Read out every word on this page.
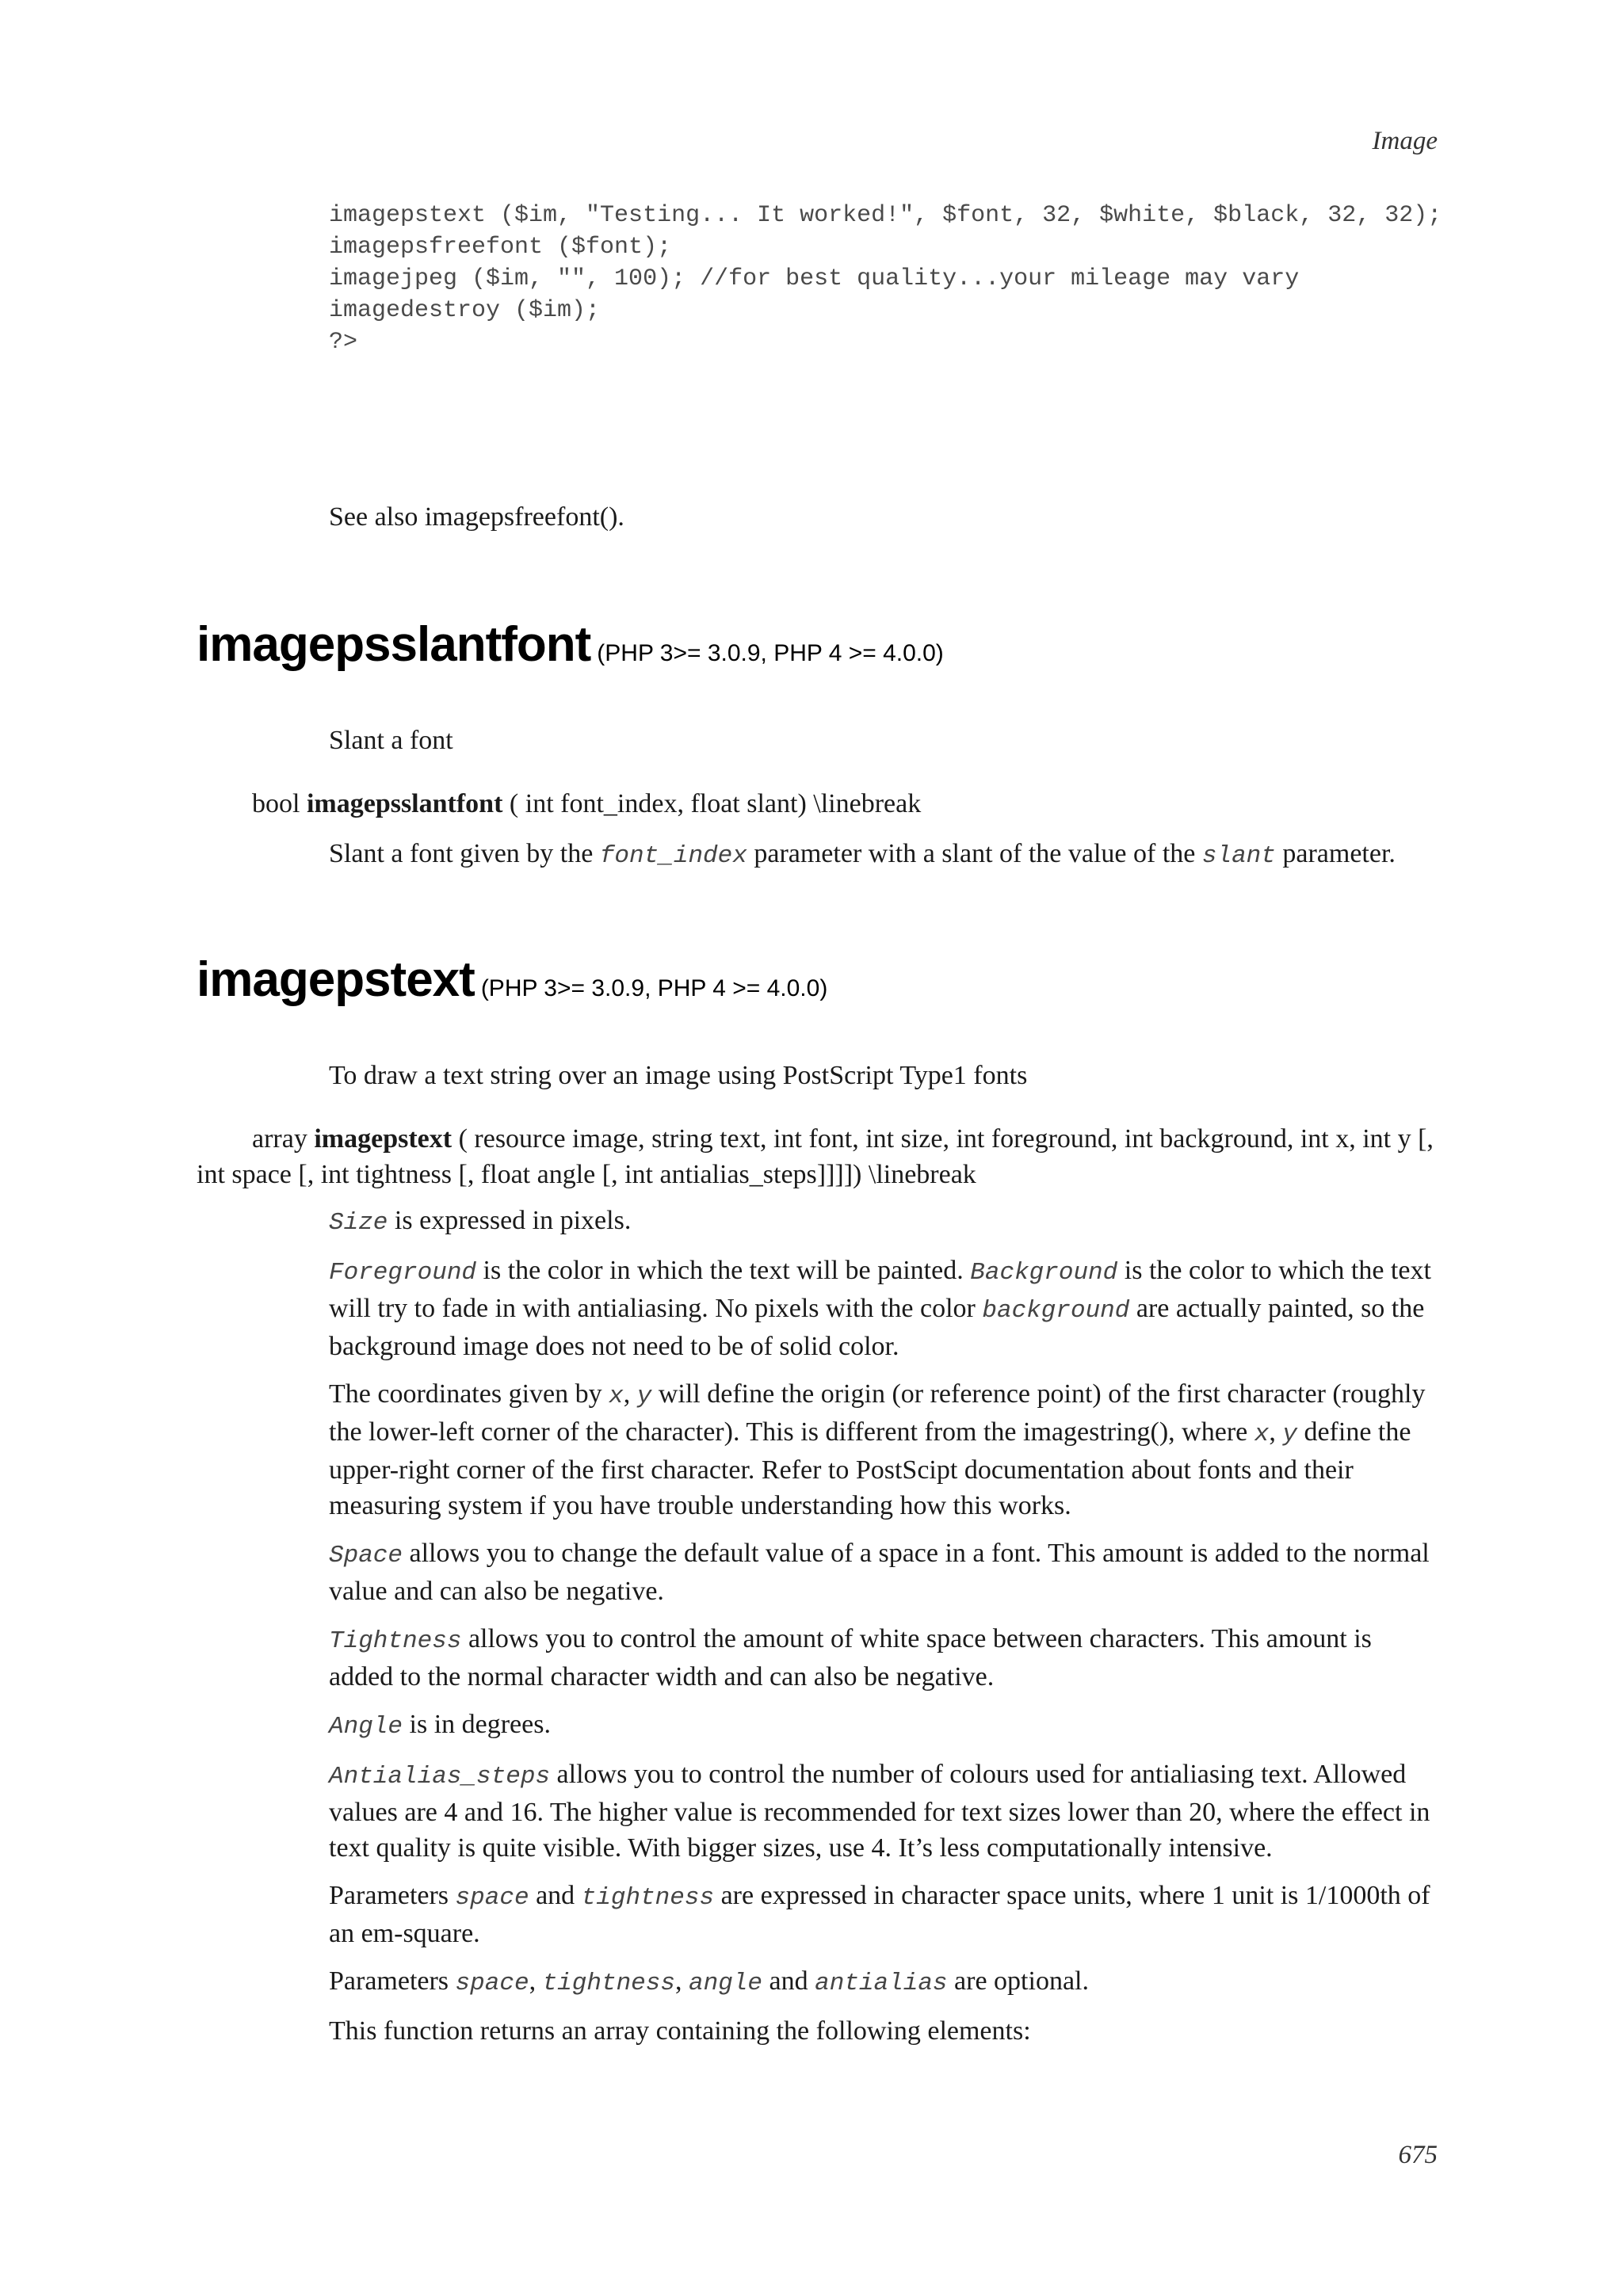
Image
imagepstext ($im, "Testing... It worked!", $font, 32, $white, $black, 32, 32);
imagepsfreefont ($font);
imagejpeg ($im, "", 100); //for best quality...your mileage may vary
imagedestroy ($im);
?>
See also imagepsfreefont().
imagepsslantfont (PHP 3>= 3.0.9, PHP 4 >= 4.0.0)
Slant a font
bool imagepsslantfont ( int font_index, float slant) \linebreak

Slant a font given by the font_index parameter with a slant of the value of the slant parameter.

imagepstext (PHP 3>= 3.0.9, PHP 4 >= 4.0.0)
To draw a text string over an image using PostScript Type1 fonts
array imagepstext ( resource image, string text, int font, int size, int foreground, int background, int x, int y [, int space [, int tightness [, float angle [, int antialias_steps]]]]) \linebreak

Size is expressed in pixels.

Foreground is the color in which the text will be painted. Background is the color to which the text will try to fade in with antialiasing. No pixels with the color background are actually painted, so the background image does not need to be of solid color.

The coordinates given by x, y will define the origin (or reference point) of the first character (roughly the lower-left corner of the character). This is different from the imagestring(), where x, y define the upper-right corner of the first character. Refer to PostScipt documentation about fonts and their measuring system if you have trouble understanding how this works.

Space allows you to change the default value of a space in a font. This amount is added to the normal value and can also be negative.

Tightness allows you to control the amount of white space between characters. This amount is added to the normal character width and can also be negative.

Angle is in degrees.

Antialias_steps allows you to control the number of colours used for antialiasing text. Allowed values are 4 and 16. The higher value is recommended for text sizes lower than 20, where the effect in text quality is quite visible. With bigger sizes, use 4. It’s less computationally intensive.

Parameters space and tightness are expressed in character space units, where 1 unit is 1/1000th of an em-square.

Parameters space, tightness, angle and antialias are optional.

This function returns an array containing the following elements:

675
